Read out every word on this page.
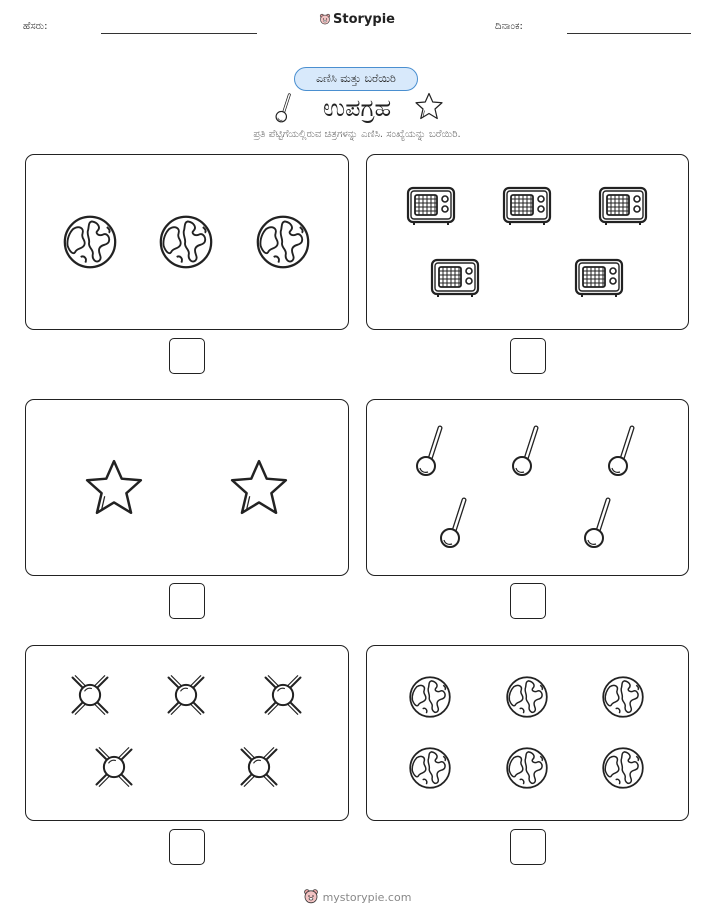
ಹೆಸರು:	Storypie	ದಿನಾಂಕ:
ಎಣಿಸಿ ಮತ್ತು ಬರೆಯಿರಿ
ಉಪಗ್ರಹ
ಪ್ರತಿ ಪೆಟ್ಟಿಗೆಯಲ್ಲಿರುವ ಚಿತ್ರಗಳನ್ನು ಎಣಿಸಿ. ಸಂಖ್ಯೆಯನ್ನು ಬರೆಯಿರಿ.
mystorypie.com
